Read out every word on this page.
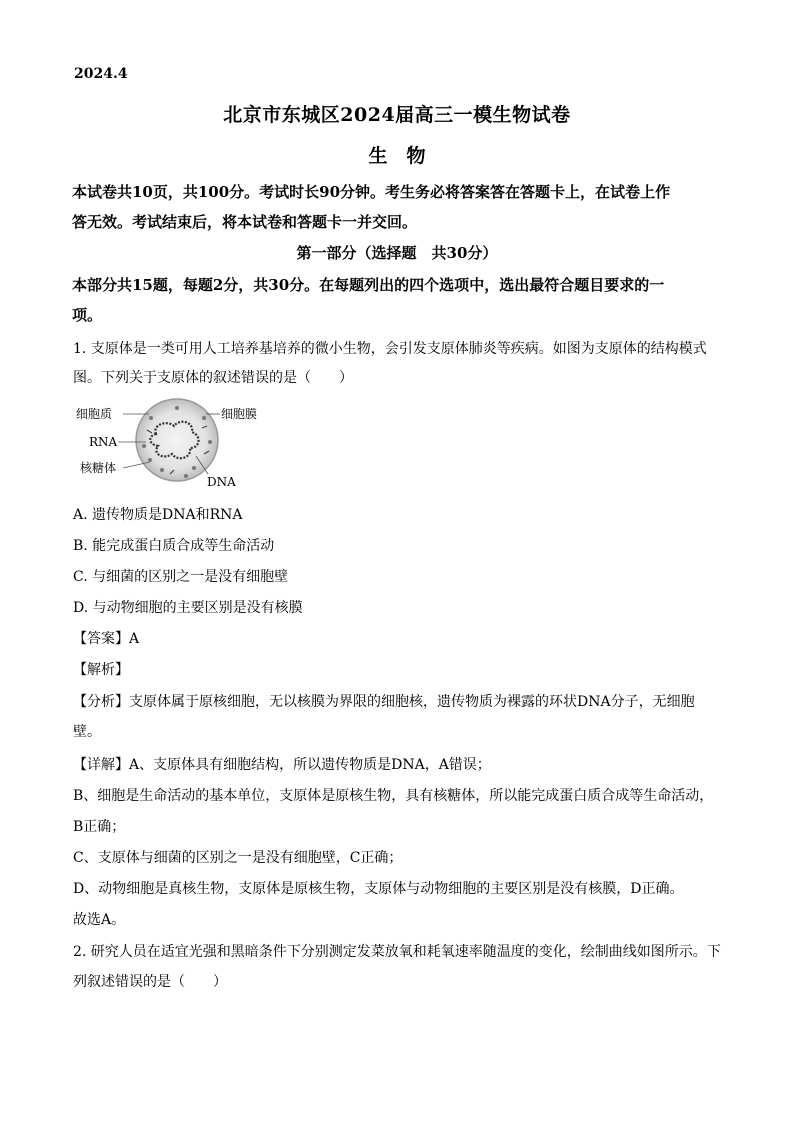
2024.4
北京市东城区2024届高三一模生物试卷
生　物
本试卷共10页，共100分。考试时长90分钟。考生务必将答案答在答题卡上，在试卷上作
答无效。考试结束后，将本试卷和答题卡一并交回。
第一部分（选择题　共30分）
本部分共15题，每题2分，共30分。在每题列出的四个选项中，选出最符合题目要求的一
项。
1. 支原体是一类可用人工培养基培养的微小生物，会引发支原体肺炎等疾病。如图为支原体的结构模式
图。下列关于支原体的叙述错误的是（　　）
细胞质	细胞膜
RNA
核糖体
DNA
A. 遗传物质是DNA和RNA
B. 能完成蛋白质合成等生命活动
C. 与细菌的区别之一是没有细胞壁
D. 与动物细胞的主要区别是没有核膜
【答案】A
【解析】
【分析】支原体属于原核细胞，无以核膜为界限的细胞核，遗传物质为裸露的环状DNA分子，无细胞
壁。
【详解】A、支原体具有细胞结构，所以遗传物质是DNA，A错误；
B、细胞是生命活动的基本单位，支原体是原核生物，具有核糖体，所以能完成蛋白质合成等生命活动，
B正确；
C、支原体与细菌的区别之一是没有细胞壁，C正确；
D、动物细胞是真核生物，支原体是原核生物，支原体与动物细胞的主要区别是没有核膜，D正确。
故选A。
2. 研究人员在适宜光强和黑暗条件下分别测定发菜放氧和耗氧速率随温度的变化，绘制曲线如图所示。下
列叙述错误的是（　　）
